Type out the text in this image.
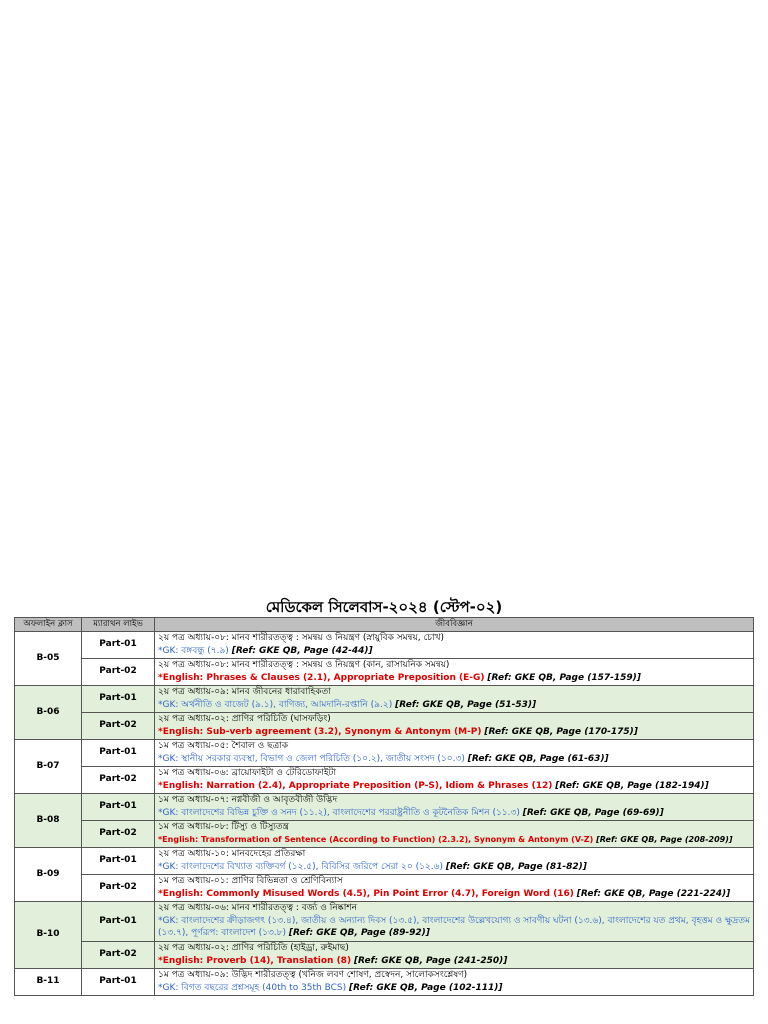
মেডিকেল সিলেবাস-২০২৪ (স্টেপ-০২)
অফলাইন ক্লাস	ম্যারাথন লাইভ	জীববিজ্ঞান
B-05	Part-01	২য় পত্র অধ্যায়-০৮: মানব শারীরতত্ত্ব : সমন্বয় ও নিয়ন্ত্রণ (স্নায়ুবিক সমন্বয়, চোখ)
*GK: বঙ্গবন্ধু (৭.৯) [Ref: GKE QB, Page (42-44)]
	Part-02	২য় পত্র অধ্যায়-০৮: মানব শারীরতত্ত্ব : সমন্বয় ও নিয়ন্ত্রণ (কান, রাসায়নিক সমন্বয়)
*English: Phrases & Clauses (2.1), Appropriate Preposition (E-G) [Ref: GKE QB, Page (157-159)]
B-06	Part-01	২য় পত্র অধ্যায়-০৯: মানব জীবনের ধারাবাহিকতা
*GK: অর্থনীতি ও বাজেট (৯.১), বাণিজ্য, আমদানি-রপ্তানি (৯.২) [Ref: GKE QB, Page (51-53)]
	Part-02	২য় পত্র অধ্যায়-০২: প্রাণির পরিচিতি (ঘাসফড়িং)
*English: Sub-verb agreement (3.2), Synonym & Antonym (M-P) [Ref: GKE QB, Page (170-175)]
B-07	Part-01	১ম পত্র অধ্যায়-০৫: শৈবাল ও ছত্রাক
*GK: স্থানীয় সরকার ব্যবস্থা, বিভাগ ও জেলা পরিচিতি (১০.২), জাতীয় সংসদ (১০.৩) [Ref: GKE QB, Page (61-63)]
	Part-02	১ম পত্র অধ্যায়-০৬: ব্রায়োফাইটা ও টেরিডোফাইটা
*English: Narration (2.4), Appropriate Preposition (P-S), Idiom & Phrases (12) [Ref: GKE QB, Page (182-194)]
B-08	Part-01	১ম পত্র অধ্যায়-০৭: নগ্নবীজী ও আবৃতবীজী উদ্ভিদ
*GK: বাংলাদেশের বিভিন্ন চুক্তি ও সনদ (১১.২), বাংলাদেশের পররাষ্ট্রনীতি ও কূটনৈতিক মিশন (১১.৩) [Ref: GKE QB, Page (69-69)]
	Part-02	১ম পত্র অধ্যায়-০৮: টিস্যু ও টিস্যুতন্ত্র
*English: Transformation of Sentence (According to Function) (2.3.2), Synonym & Antonym (V-Z) [Ref: GKE QB, Page (208-209)]
B-09	Part-01	২য় পত্র অধ্যায়-১০: মানবদেহের প্রতিরক্ষা
*GK: বাংলাদেশের বিখ্যাত ব্যক্তিবর্গ (১২.৫), বিবিসির জরিপে সেরা ২০ (১২.৬) [Ref: GKE QB, Page (81-82)]
	Part-02	১ম পত্র অধ্যায়-০১: প্রাণির বিভিন্নতা ও শ্রেণিবিন্যাস
*English: Commonly Misused Words (4.5), Pin Point Error (4.7), Foreign Word (16) [Ref: GKE QB, Page (221-224)]
B-10	Part-01	২য় পত্র অধ্যায়-০৬: মানব শারীরতত্ত্ব : বর্জ্য ও নিষ্কাশন
*GK: বাংলাদেশের ক্রীড়াজগৎ (১৩.৪), জাতীয় ও অন্যান্য দিবস (১৩.৫), বাংলাদেশের উল্লেখযোগ্য ও সাবণীয় ঘটনা (১৩.৬), বাংলাদেশের যত প্রথম, বৃহত্তম ও ক্ষুদ্রতম (১৩.৭), পূর্ণরূপ: বাংলাদেশ (১৩.৮) [Ref: GKE QB, Page (89-92)]
	Part-02	২য় পত্র অধ্যায়-০২: প্রাণির পরিচিতি (হাইড্রা, রুইমাছ)
*English: Proverb (14), Translation (8) [Ref: GKE QB, Page (241-250)]
B-11	Part-01	১ম পত্র অধ্যায়-০৯: উদ্ভিদ শারীরতত্ত্ব (খনিজ লবণ শোষণ, প্রস্বেদন, সালোকসংশ্লেষণ)
*GK: বিগত বছরের প্রশ্নসমূহ (40th to 35th BCS) [Ref: GKE QB, Page (102-111)]
